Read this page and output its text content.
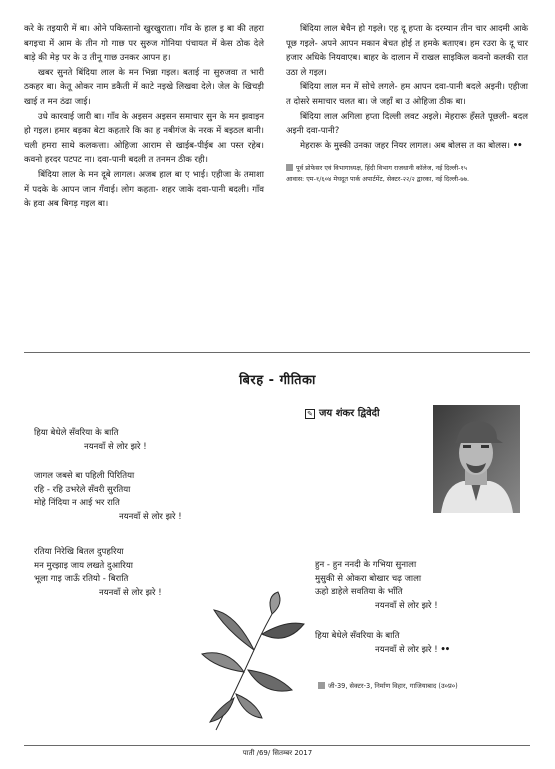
करे के तइयारी में बा। ओने पकिस्तानो खुरखुराता। गाँव के हाल इ बा की तहरा बगइचा में आम के तीन गो गाछ पर सुरुज गोनिया पंचायत में केस ठोक देले बाड़े की मेड़ पर के उ तीनू गाछ उनकर आपन ह।

खबर सुनते बिंदिया लाल के मन भिन्ना गइल। बताई ना सुरुजवा त भारी ठकहर बा। केतू ओकर नाम डकैती में काटे नइखे लिखवा देले। जेल के खिचड़ी खाई त मन ठंढा जाई।

उधे कारवाई जारी बा। गाँव के अइसन अइसन समाचार सुन के मन झवाइन हो गइल। हमार बड़का बेटा कहतारे कि का ह नबीगंज के नरक में बइठल बानी। चली हमरा साथे कलकत्ता। ओहिजा आराम से खाईब-पीईब आ पस्त रहेब। कवनो हरदर पटपट ना। दवा-पानी बदली त तनमन ठीक रही।

बिंदिया लाल के मन दूबे लागल। अजब हाल बा ए भाई। एहीजा के तमाशा में पदके के आपन जान गँवाई। लोग कहता- शहर जाके दवा-पानी बदली। गाँव के हवा अब बिगड़ गइल बा।

बिंदिया लाल बेचैन हो गइले। एह दू हप्ता के दरम्यान तीन चार आदमी आके पूछ गइले- अपने आपन मकान बेचत होई त हमके बताएब। हम रउरा के दू चार हजार अधिके नियवाएब। बाहर के दालान में राखल साइकिल कवनो कलकी रात उठा ले गइल।

बिंदिया लाल मन में सोचे लगले- हम आपन दवा-पानी बदले अइनी। एहीजा त दोसरे समाचार चलत बा। जे जहाँ बा उ ओहिजा ठीक बा।

बिंदिया लाल अगिला हप्ता दिल्ली लवट अइले। मेहरारू हँसते पूछली- बदल अइनी दवा-पानी?

मेहरारू के मुस्की उनका जहर नियर लागल। अब बोलस त का बोलस। ••

पूर्व प्रोफेसर एवं विभागाध्यक्ष, हिंदी विभाग राजधानी कॉलेज, नई दिल्ली-१५
आवास: एम-१/६०४ मेघदूत पार्क अपार्टमेंट, सेक्टर-२२/२ द्वारका, नई दिल्ली-७७.
बिरह - गीतिका
✎ जय शंकर द्विवेदी
हिया बेधेले सँवरिया के बाति
नयनवाँ से लोर झरे !
जागल जबसे बा पहिली पिरितिया
रहि - रहि उभरेले सँवरी सुरतिया
मोहे निंदिया न आई भर राति
नयनवाँ से लोर झरे !
रतिया निरेखि बितल दुपहरिया
मन मुरझाइ जाय लखते दुआरिया
भूला गाइ जाऊँ रतियो - बिराति
नयनवाँ से लोर झरे !
हुन - हुन ननदी के गभिया सुनाला
मुसुकी से ओकरा बोखार चढ़ जाला
ऊहो डाहेले सवतिया के भाँति
नयनवाँ से लोर झरे !
हिया बेधेले सँवरिया के बाति
नयनवाँ से लोर झरे ! ••
जी-39, सेक्टर-3, निर्माण विहार, गाजियाबाद (उ०प्र०)
पाती /69/ सितम्बर 2017
